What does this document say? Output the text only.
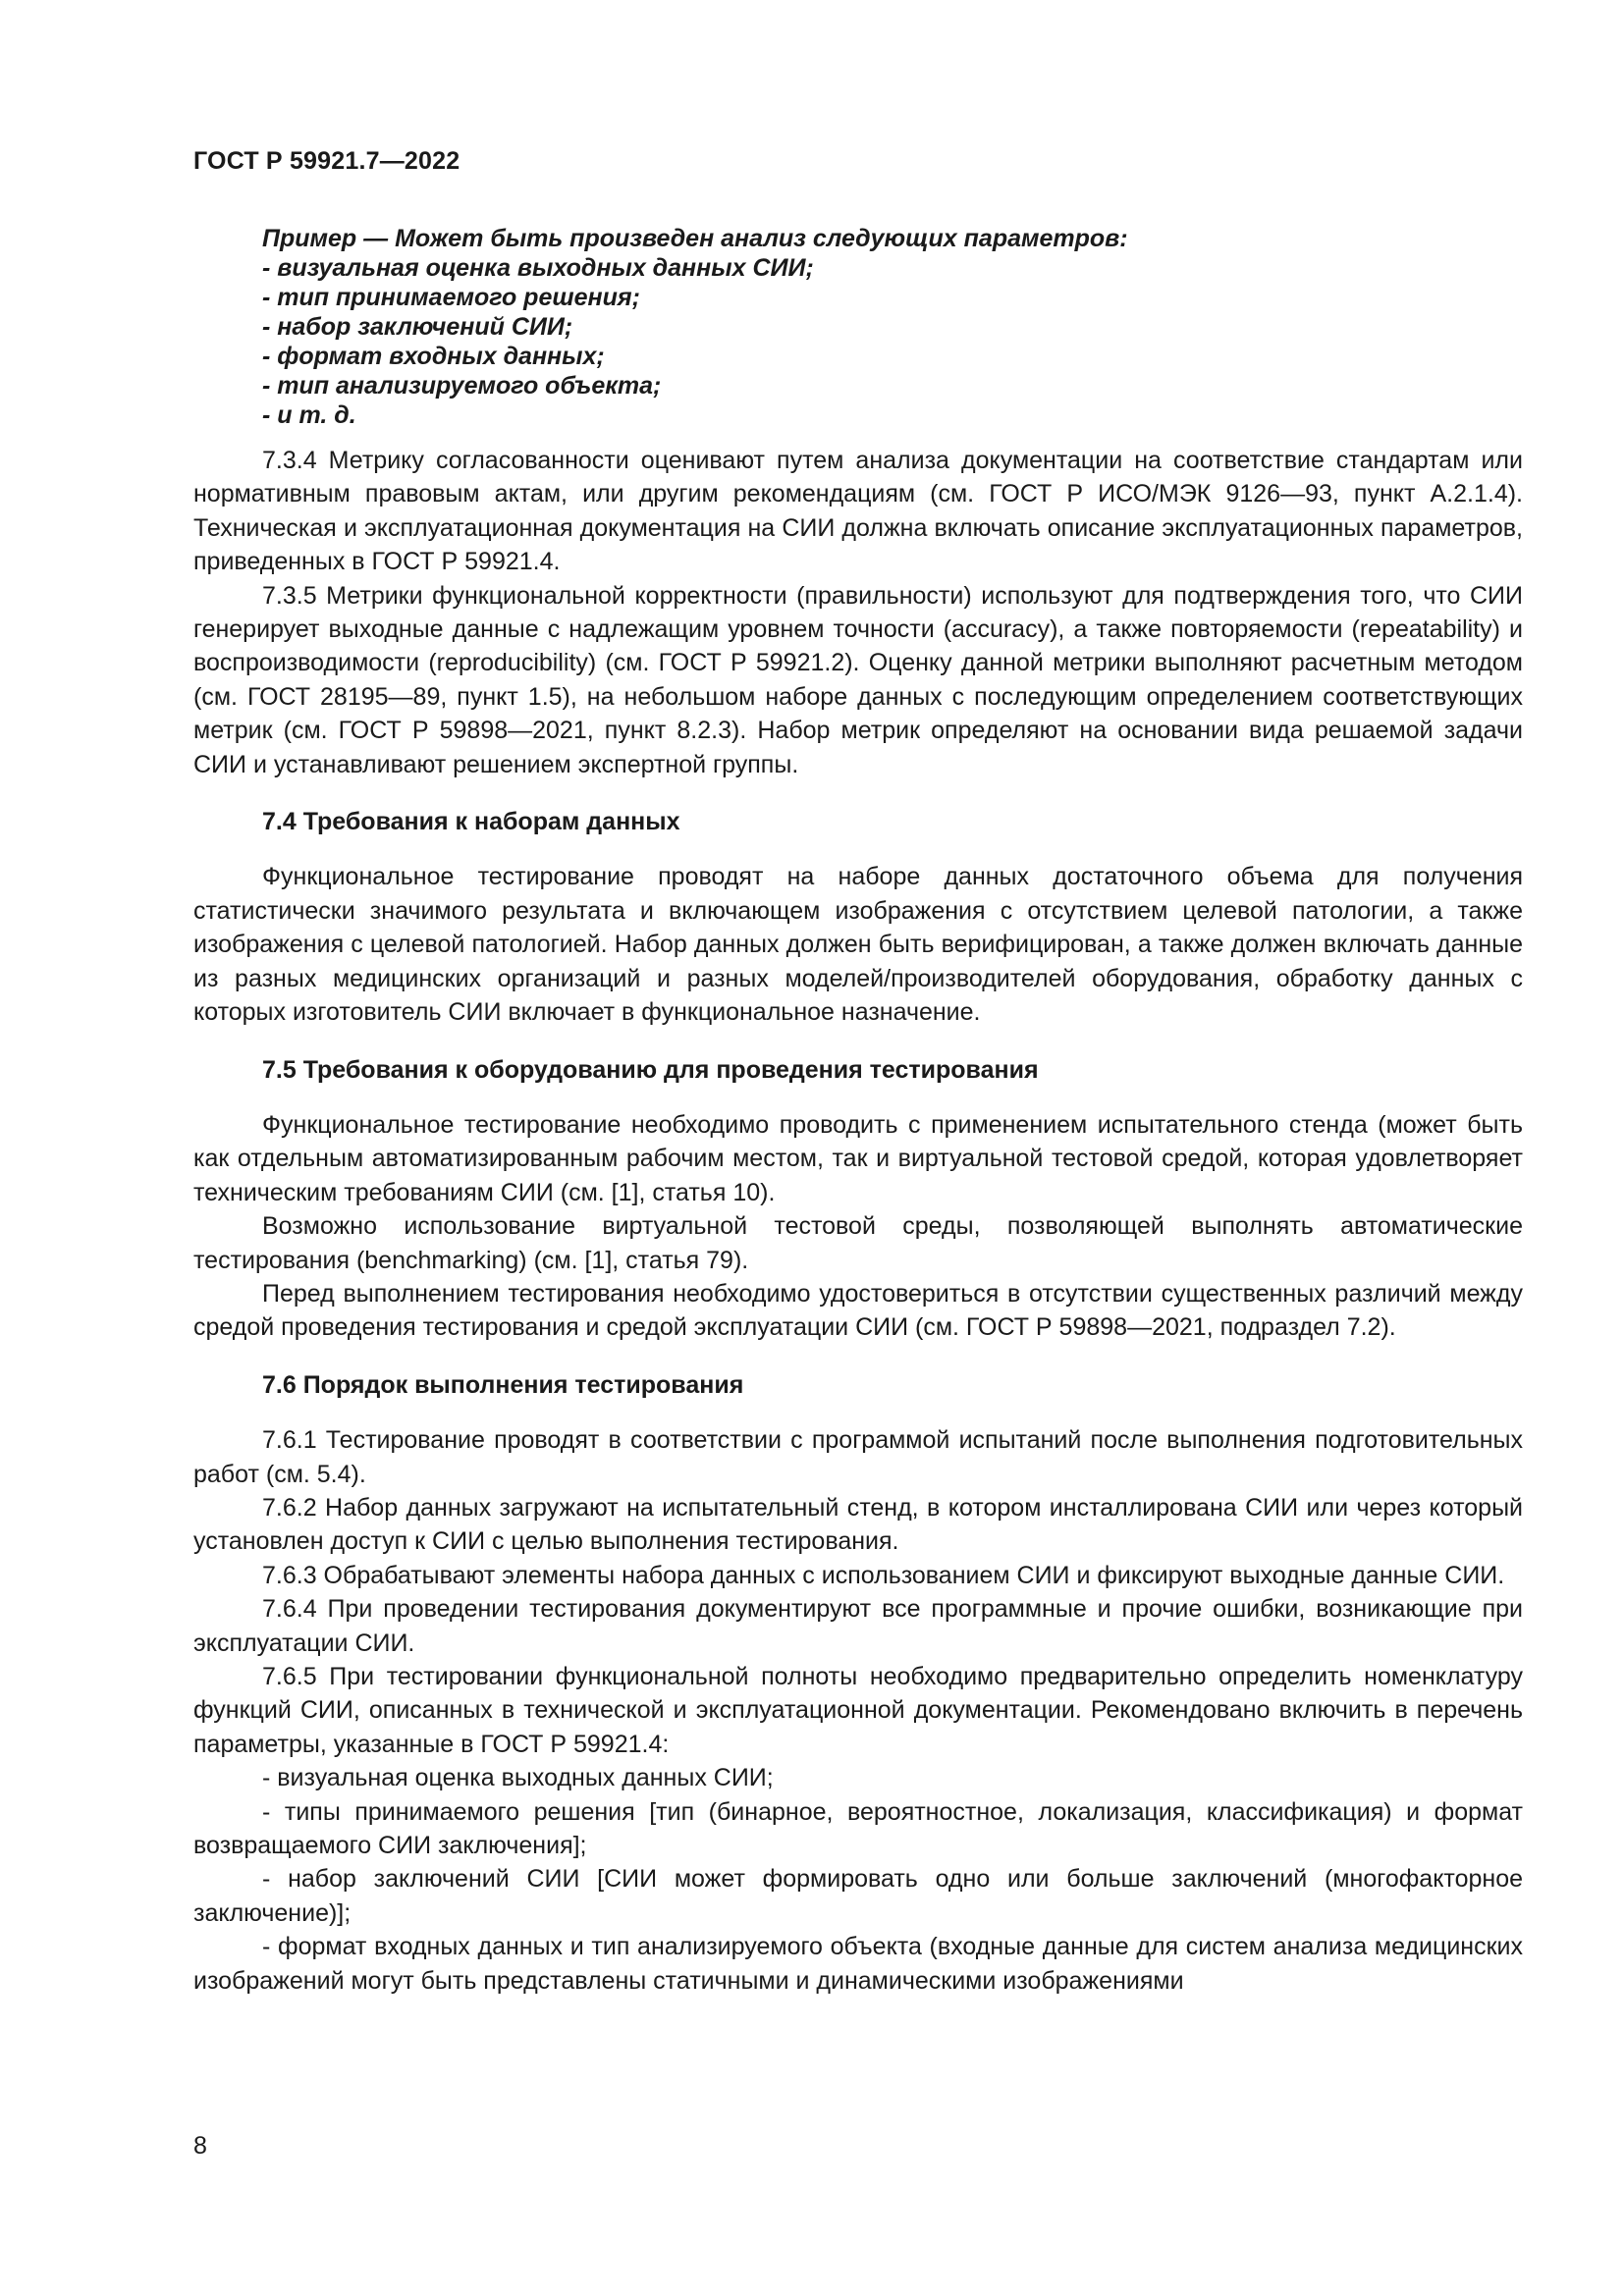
ГОСТ Р 59921.7—2022
Пример — Может быть произведен анализ следующих параметров:
- визуальная оценка выходных данных СИИ;
- тип принимаемого решения;
- набор заключений СИИ;
- формат входных данных;
- тип анализируемого объекта;
- и т. д.

7.3.4 Метрику согласованности оценивают путем анализа документации на соответствие стандартам или нормативным правовым актам, или другим рекомендациям (см. ГОСТ Р ИСО/МЭК 9126—93, пункт А.2.1.4). Техническая и эксплуатационная документация на СИИ должна включать описание эксплуатационных параметров, приведенных в ГОСТ Р 59921.4.

7.3.5 Метрики функциональной корректности (правильности) используют для подтверждения того, что СИИ генерирует выходные данные с надлежащим уровнем точности (accuracy), а также повторяемости (repeatability) и воспроизводимости (reproducibility) (см. ГОСТ Р 59921.2). Оценку данной метрики выполняют расчетным методом (см. ГОСТ 28195—89, пункт 1.5), на небольшом наборе данных с последующим определением соответствующих метрик (см. ГОСТ Р 59898—2021, пункт 8.2.3). Набор метрик определяют на основании вида решаемой задачи СИИ и устанавливают решением экспертной группы.

7.4 Требования к наборам данных

Функциональное тестирование проводят на наборе данных достаточного объема для получения статистически значимого результата и включающем изображения с отсутствием целевой патологии, а также изображения с целевой патологией. Набор данных должен быть верифицирован, а также должен включать данные из разных медицинских организаций и разных моделей/производителей оборудования, обработку данных с которых изготовитель СИИ включает в функциональное назначение.

7.5 Требования к оборудованию для проведения тестирования

Функциональное тестирование необходимо проводить с применением испытательного стенда (может быть как отдельным автоматизированным рабочим местом, так и виртуальной тестовой средой, которая удовлетворяет техническим требованиям СИИ (см. [1], статья 10).

Возможно использование виртуальной тестовой среды, позволяющей выполнять автоматические тестирования (benchmarking) (см. [1], статья 79).

Перед выполнением тестирования необходимо удостовериться в отсутствии существенных различий между средой проведения тестирования и средой эксплуатации СИИ (см. ГОСТ Р 59898—2021, подраздел 7.2).

7.6 Порядок выполнения тестирования

7.6.1 Тестирование проводят в соответствии с программой испытаний после выполнения подготовительных работ (см. 5.4).

7.6.2 Набор данных загружают на испытательный стенд, в котором инсталлирована СИИ или через который установлен доступ к СИИ с целью выполнения тестирования.

7.6.3 Обрабатывают элементы набора данных с использованием СИИ и фиксируют выходные данные СИИ.

7.6.4 При проведении тестирования документируют все программные и прочие ошибки, возникающие при эксплуатации СИИ.

7.6.5 При тестировании функциональной полноты необходимо предварительно определить номенклатуру функций СИИ, описанных в технической и эксплуатационной документации. Рекомендовано включить в перечень параметры, указанные в ГОСТ Р 59921.4:

- визуальная оценка выходных данных СИИ;

- типы принимаемого решения [тип (бинарное, вероятностное, локализация, классификация) и формат возвращаемого СИИ заключения];

- набор заключений СИИ [СИИ может формировать одно или больше заключений (многофакторное заключение)];

- формат входных данных и тип анализируемого объекта (входные данные для систем анализа медицинских изображений могут быть представлены статичными и динамическими изображениями

8
